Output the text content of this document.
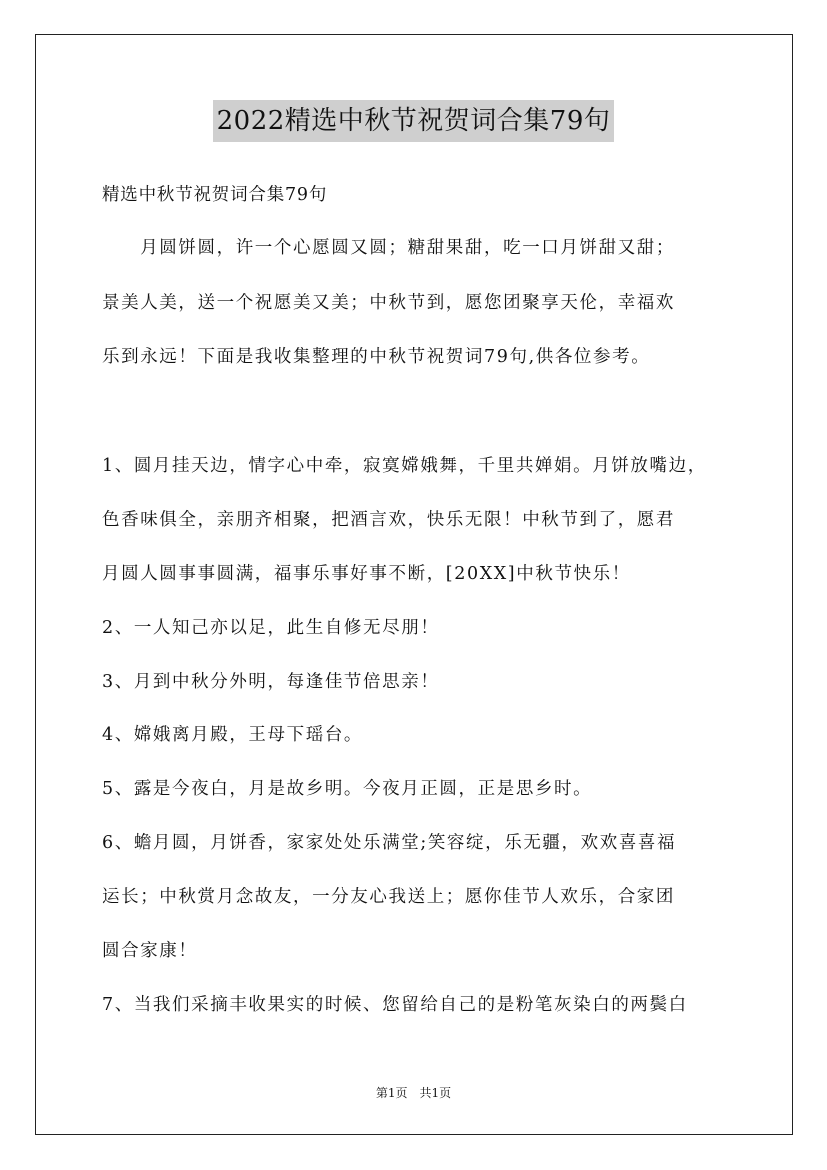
2022精选中秋节祝贺词合集79句
精选中秋节祝贺词合集79句
　　月圆饼圆，许一个心愿圆又圆；糖甜果甜，吃一口月饼甜又甜；
景美人美，送一个祝愿美又美；中秋节到，愿您团聚享天伦，幸福欢
乐到永远！下面是我收集整理的中秋节祝贺词79句,供各位参考。
1、圆月挂天边，情字心中牵，寂寞嫦娥舞，千里共婵娟。月饼放嘴边，
色香味俱全，亲朋齐相聚，把酒言欢，快乐无限！中秋节到了，愿君
月圆人圆事事圆满，福事乐事好事不断，[20XX]中秋节快乐！
2、一人知己亦以足，此生自修无尽朋！
3、月到中秋分外明，每逢佳节倍思亲！
4、嫦娥离月殿，王母下瑶台。
5、露是今夜白，月是故乡明。今夜月正圆，正是思乡时。
6、蟾月圆，月饼香，家家处处乐满堂;笑容绽，乐无疆，欢欢喜喜福
运长；中秋赏月念故友，一分友心我送上；愿你佳节人欢乐，合家团
圆合家康！
7、当我们采摘丰收果实的时候、您留给自己的是粉笔灰染白的两鬓白
第1页　共1页
